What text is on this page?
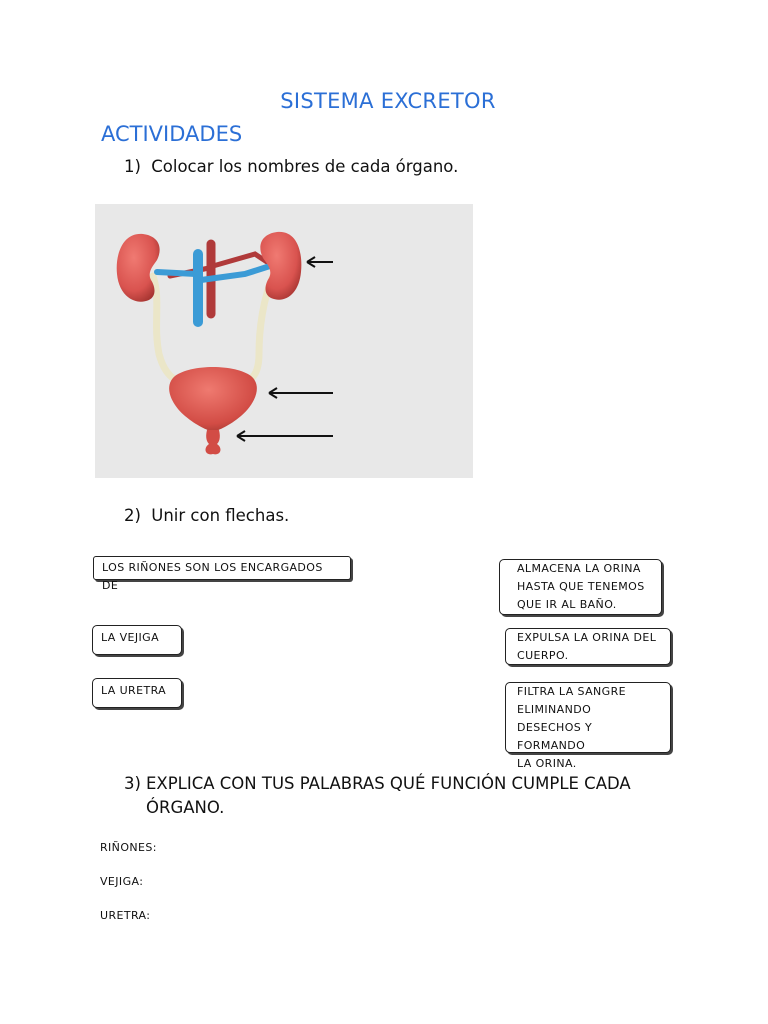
SISTEMA EXCRETOR
ACTIVIDADES
1) Colocar los nombres de cada órgano.
2) Unir con flechas.
LOS RIÑONES SON LOS ENCARGADOS DE
LA VEJIGA
LA URETRA
ALMACENA LA ORINA
HASTA QUE TENEMOS
QUE IR AL BAÑO.
EXPULSA LA ORINA DEL
CUERPO.
FILTRA LA SANGRE
ELIMINANDO
DESECHOS Y FORMANDO
LA ORINA.
3) EXPLICA CON TUS PALABRAS QUÉ FUNCIÓN CUMPLE CADA
ÓRGANO.
RIÑONES:
VEJIGA:
URETRA:
